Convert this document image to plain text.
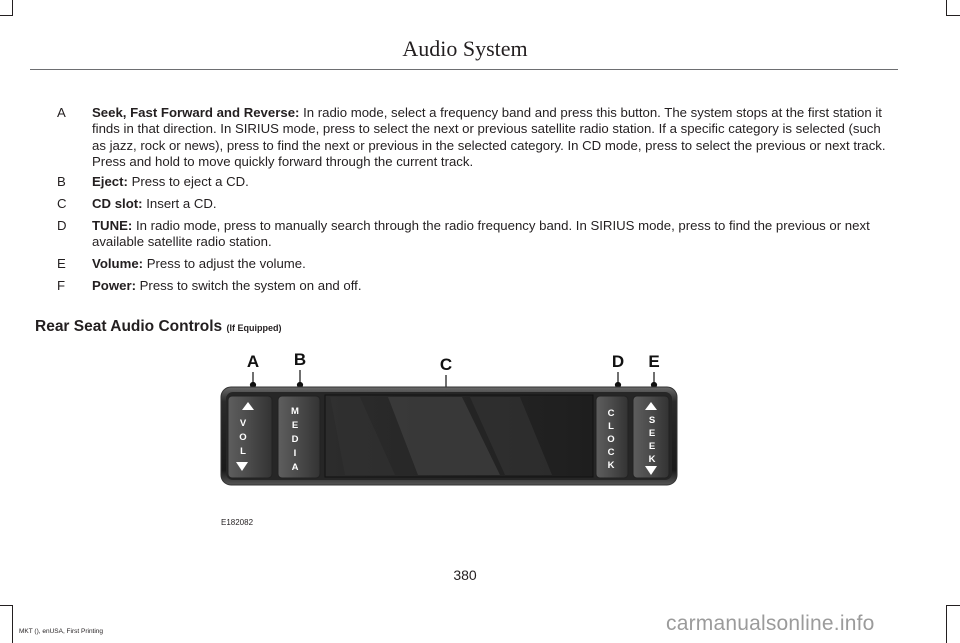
Audio System
A	Seek, Fast Forward and Reverse: In radio mode, select a frequency band and press this button. The system stops at the first station it finds in that direction. In SIRIUS mode, press to select the next or previous satellite radio station. If a specific category is selected (such as jazz, rock or news), press to find the next or previous in the selected category. In CD mode, press to select the previous or next track. Press and hold to move quickly forward through the current track.
B	Eject: Press to eject a CD.
C	CD slot: Insert a CD.
D	TUNE: In radio mode, press to manually search through the radio frequency band. In SIRIUS mode, press to find the previous or next available satellite radio station.
E	Volume: Press to adjust the volume.
F	Power: Press to switch the system on and off.
Rear Seat Audio Controls (If Equipped)
A	B	C	D	E
V
O
L
M
E
D
I
A
C
L
O
C
K
S
E
E
K
E182082
380
MKT (), enUSA, First Printing	carmanualsonline.info
